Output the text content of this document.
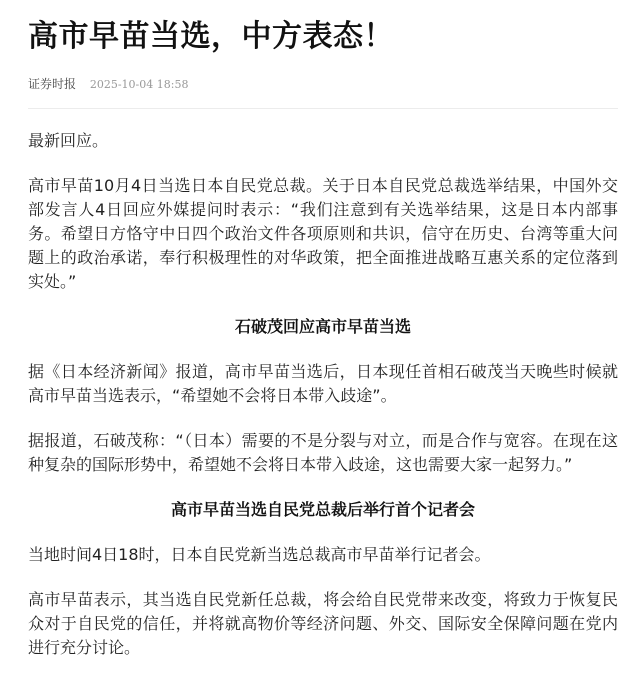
高市早苗当选，中方表态！
证券时报 2025-10-04 18:58

最新回应。

高市早苗10月4日当选日本自民党总裁。关于日本自民党总裁选举结果，中国外交部发言人4日回应外媒提问时表示：“我们注意到有关选举结果，这是日本内部事务。希望日方恪守中日四个政治文件各项原则和共识，信守在历史、台湾等重大问题上的政治承诺，奉行积极理性的对华政策，把全面推进战略互惠关系的定位落到实处。”

石破茂回应高市早苗当选

据《日本经济新闻》报道，高市早苗当选后，日本现任首相石破茂当天晚些时候就高市早苗当选表示，“希望她不会将日本带入歧途”。

据报道，石破茂称：“（日本）需要的不是分裂与对立，而是合作与宽容。在现在这种复杂的国际形势中，希望她不会将日本带入歧途，这也需要大家一起努力。”

高市早苗当选自民党总裁后举行首个记者会

当地时间4日18时，日本自民党新当选总裁高市早苗举行记者会。

高市早苗表示，其当选自民党新任总裁，将会给自民党带来改变，将致力于恢复民众对于自民党的信任，并将就高物价等经济问题、外交、国际安全保障问题在党内进行充分讨论。
